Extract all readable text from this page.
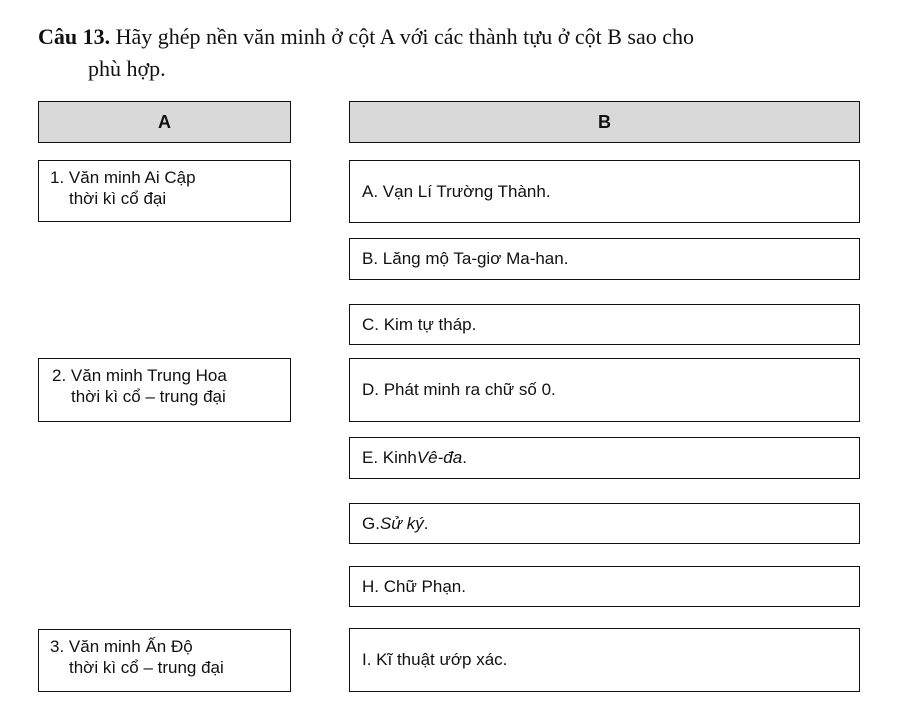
Câu 13. Hãy ghép nền văn minh ở cột A với các thành tựu ở cột B sao cho
phù hợp.
A	B
1. Văn minh Ai Cập
thời kì cổ đại
2. Văn minh Trung Hoa
thời kì cổ – trung đại
3. Văn minh Ấn Độ
thời kì cổ – trung đại
A. Vạn Lí Trường Thành.
B. Lăng mộ Ta-giơ Ma-han.
C. Kim tự tháp.
D. Phát minh ra chữ số 0.
E. Kinh Vê-đa .
G. Sử ký .
H. Chữ Phạn.
I. Kĩ thuật ướp xác.
